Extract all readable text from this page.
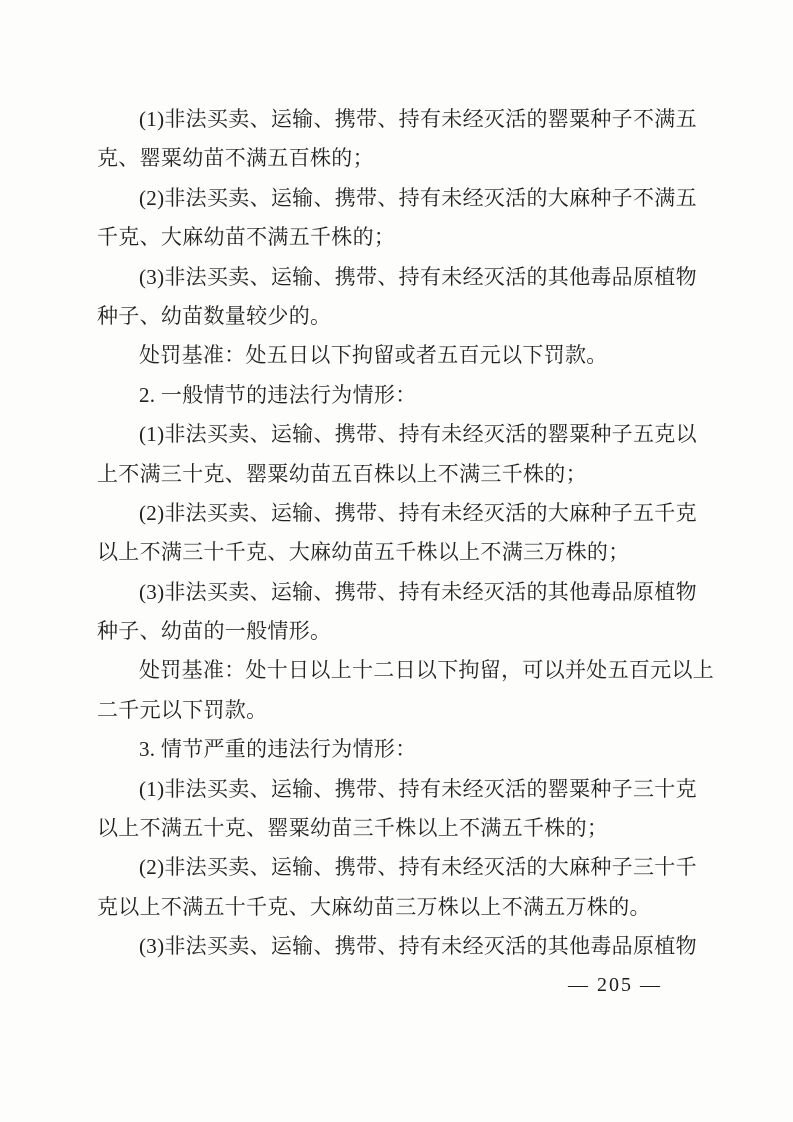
(1)非法买卖、运输、携带、持有未经灭活的罂粟种子不满五
克、罂粟幼苗不满五百株的；
(2)非法买卖、运输、携带、持有未经灭活的大麻种子不满五
千克、大麻幼苗不满五千株的；
(3)非法买卖、运输、携带、持有未经灭活的其他毒品原植物
种子、幼苗数量较少的。
处罚基准：处五日以下拘留或者五百元以下罚款。
2. 一般情节的违法行为情形：
(1)非法买卖、运输、携带、持有未经灭活的罂粟种子五克以
上不满三十克、罂粟幼苗五百株以上不满三千株的；
(2)非法买卖、运输、携带、持有未经灭活的大麻种子五千克
以上不满三十千克、大麻幼苗五千株以上不满三万株的；
(3)非法买卖、运输、携带、持有未经灭活的其他毒品原植物
种子、幼苗的一般情形。
处罚基准：处十日以上十二日以下拘留，可以并处五百元以上
二千元以下罚款。
3. 情节严重的违法行为情形：
(1)非法买卖、运输、携带、持有未经灭活的罂粟种子三十克
以上不满五十克、罂粟幼苗三千株以上不满五千株的；
(2)非法买卖、运输、携带、持有未经灭活的大麻种子三十千
克以上不满五十千克、大麻幼苗三万株以上不满五万株的。
(3)非法买卖、运输、携带、持有未经灭活的其他毒品原植物
— 205 —
